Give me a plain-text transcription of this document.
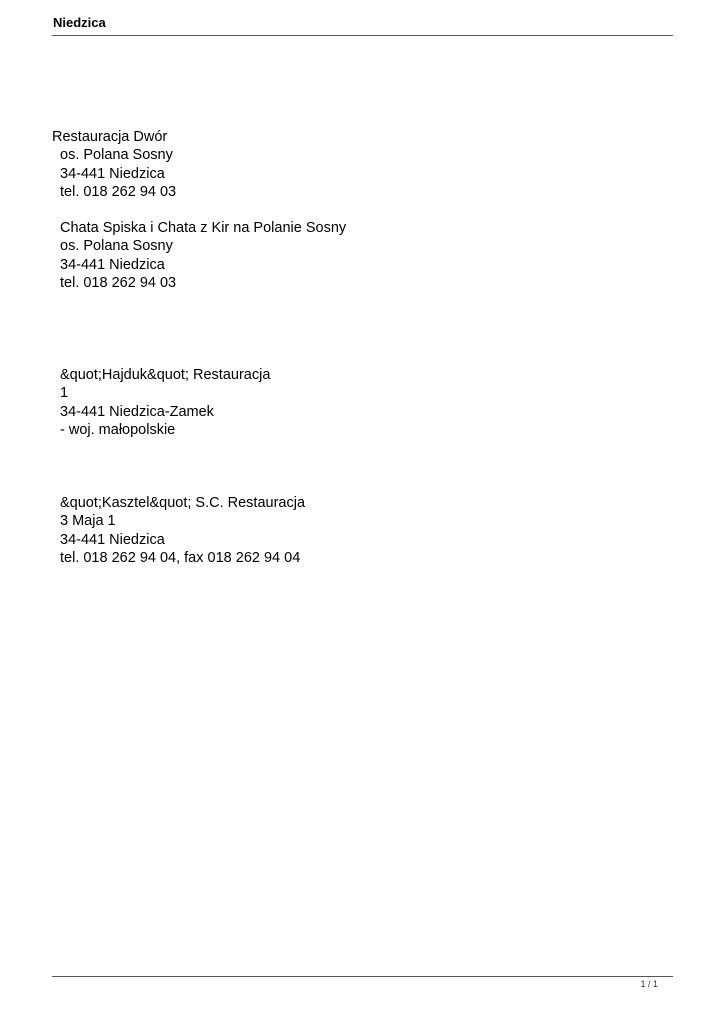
Niedzica
Restauracja Dwór
os. Polana Sosny
34-441 Niedzica
tel. 018 262 94 03
Chata Spiska i Chata z Kir na Polanie Sosny
os. Polana Sosny
34-441 Niedzica
tel. 018 262 94 03
&quot;Hajduk&quot; Restauracja
1
34-441 Niedzica-Zamek
- woj. małopolskie
&quot;Kasztel&quot; S.C. Restauracja
3 Maja 1
34-441 Niedzica
tel. 018 262 94 04, fax 018 262 94 04
1 / 1
